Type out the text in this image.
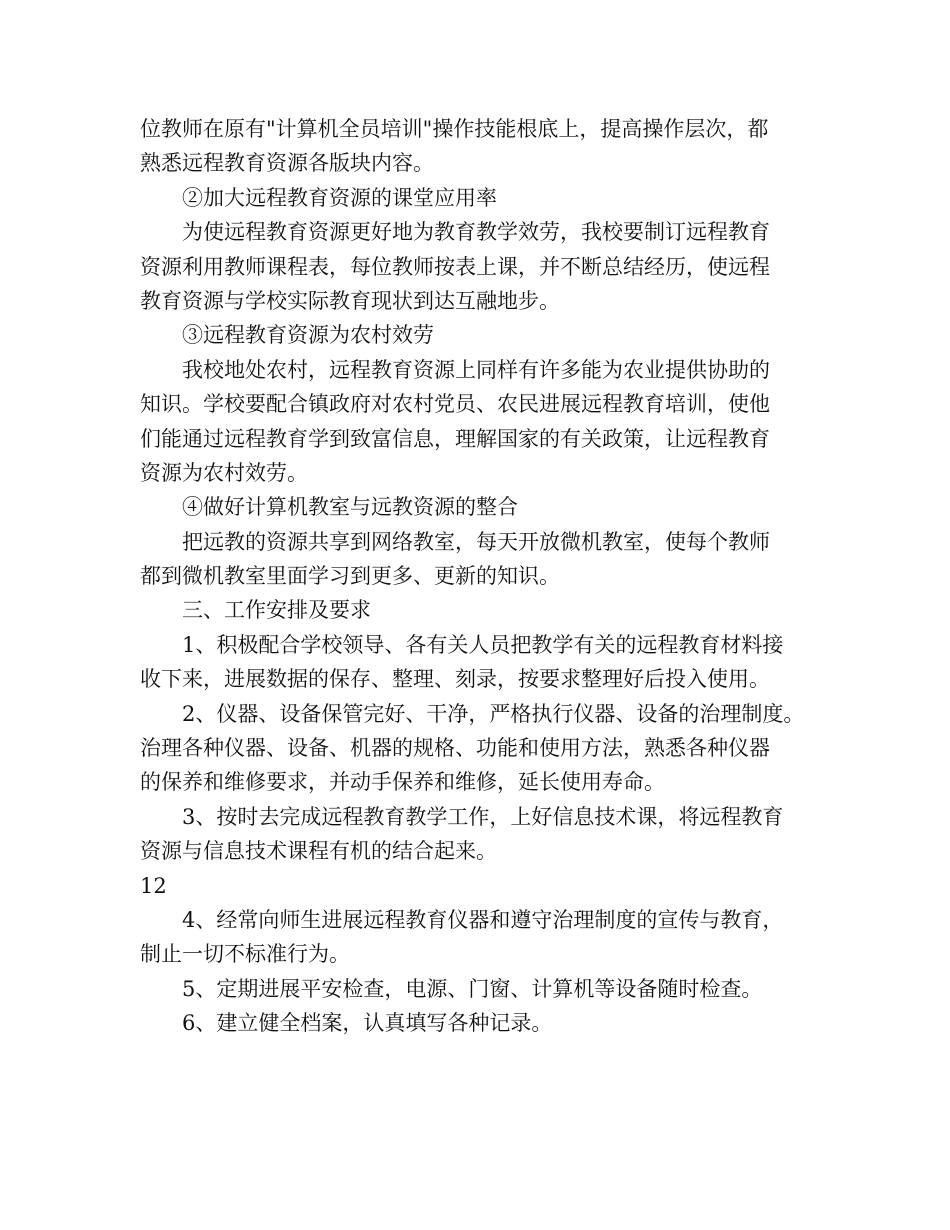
位教师在原有"计算机全员培训"操作技能根底上，提高操作层次，都
熟悉远程教育资源各版块内容。
②加大远程教育资源的课堂应用率
为使远程教育资源更好地为教育教学效劳，我校要制订远程教育
资源利用教师课程表，每位教师按表上课，并不断总结经历，使远程
教育资源与学校实际教育现状到达互融地步。
③远程教育资源为农村效劳
我校地处农村，远程教育资源上同样有许多能为农业提供协助的
知识。学校要配合镇政府对农村党员、农民进展远程教育培训，使他
们能通过远程教育学到致富信息，理解国家的有关政策，让远程教育
资源为农村效劳。
④做好计算机教室与远教资源的整合
把远教的资源共享到网络教室，每天开放微机教室，使每个教师
都到微机教室里面学习到更多、更新的知识。
三、工作安排及要求
1、积极配合学校领导、各有关人员把教学有关的远程教育材料接
收下来，进展数据的保存、整理、刻录，按要求整理好后投入使用。
2、仪器、设备保管完好、干净，严格执行仪器、设备的治理制度。
治理各种仪器、设备、机器的规格、功能和使用方法，熟悉各种仪器
的保养和维修要求，并动手保养和维修，延长使用寿命。
3、按时去完成远程教育教学工作，上好信息技术课，将远程教育
资源与信息技术课程有机的结合起来。
12
4、经常向师生进展远程教育仪器和遵守治理制度的宣传与教育，
制止一切不标准行为。
5、定期进展平安检查，电源、门窗、计算机等设备随时检查。
6、建立健全档案，认真填写各种记录。
